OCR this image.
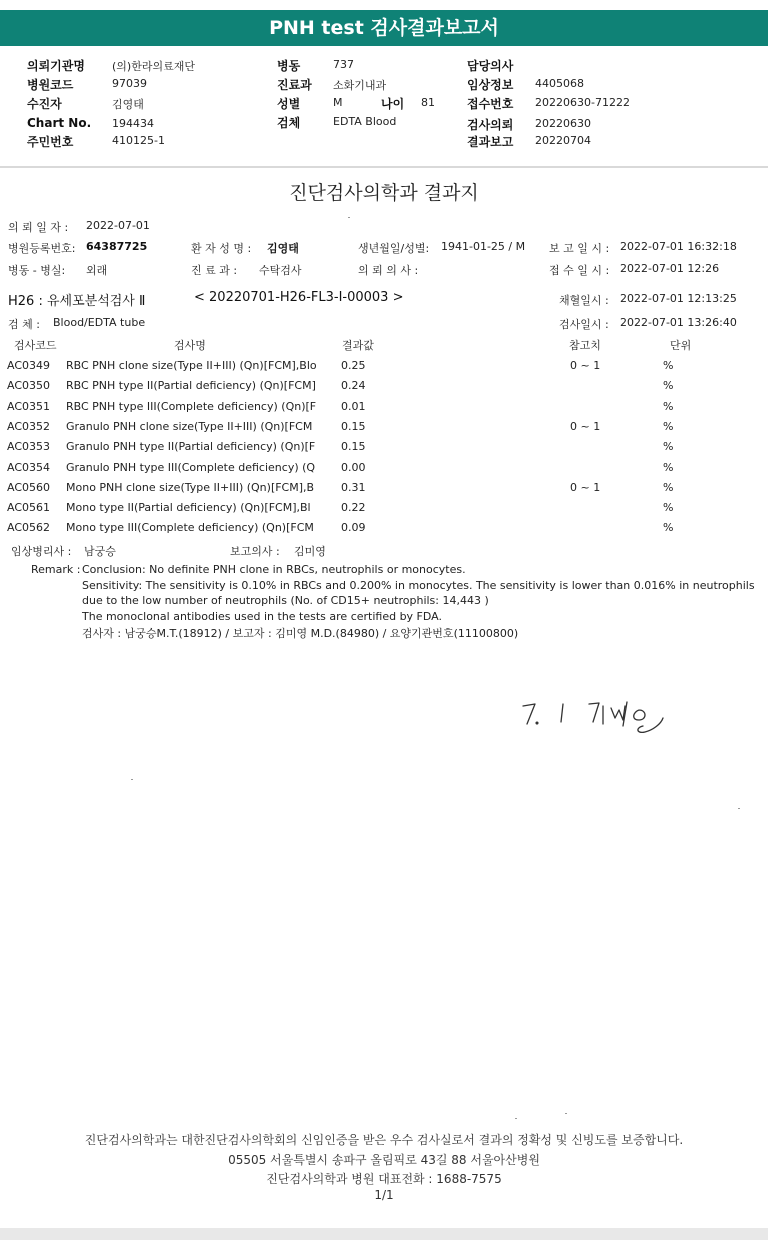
PNH test 검사결과보고서
의뢰기관명 (의)한라의료재단	병동	737	담당의사
병원코드	97039	진료과 소화기내과	임상정보 4405068
수진자	김영태	성별	M	나이 81	접수번호 20220630-71222
Chart No. 194434	검체	EDTA Blood	검사의뢰 20220630
주민번호	410125-1	결과보고 20220704
진단검사의학과 결과지
의 뢰 일 자 : 2022-07-01
병원등록번호: 64387725	환 자 성 명 : 김영태	생년월일/성별: 1941-01-25 / M 보 고 일 시 : 2022-07-01 16:32:18
병동 - 병실: 외래	진 료 과 : 수탁검사	의 뢰 의 사 :	접 수 일 시 : 2022-07-01 12:26
H26 : 유세포분석검사 Ⅱ	< 20220701-H26-FL3-I-00003 >	채혈일시 : 2022-07-01 12:13:25
검 체 : Blood/EDTA tube	검사일시 : 2022-07-01 13:26:40
검사코드	검사명	결과값	참고치	단위
AC0349 RBC PNH clone size(Type II+III) (Qn)[FCM],Blo 0.25	0 ~ 1	%
AC0350 RBC PNH type II(Partial deficiency) (Qn)[FCM] 0.24	%
AC0351 RBC PNH type III(Complete deficiency) (Qn)[F 0.01	%
AC0352 Granulo PNH clone size(Type II+III) (Qn)[FCM	0.15	0 ~ 1	%
AC0353 Granulo PNH type II(Partial deficiency) (Qn)[F 0.15	%
AC0354 Granulo PNH type III(Complete deficiency) (Q 0.00	%
AC0560 Mono PNH clone size(Type II+III) (Qn)[FCM],B 0.31	0 ~ 1	%
AC0561 Mono type II(Partial deficiency) (Qn)[FCM],Bl	0.22	%
AC0562 Mono type III(Complete deficiency) (Qn)[FCM 0.09	%
임상병리사 : 남궁승	보고의사 : 김미영
Remark : Conclusion: No definite PNH clone in RBCs, neutrophils or monocytes.
Sensitivity: The sensitivity is 0.10% in RBCs and 0.200% in monocytes. The sensitivity is lower than 0.016% in neutrophils
due to the low number of neutrophils (No. of CD15+ neutrophils: 14,443 )
The monoclonal antibodies used in the tests are certified by FDA.
검사자 : 남궁승M.T.(18912) / 보고자 : 김미영 M.D.(84980) / 요양기관번호(11100800)
진단검사의학과는 대한진단검사의학회의 신임인증을 받은 우수 검사실로서 결과의 정확성 및 신빙도를 보증합니다.
05505 서울특별시 송파구 올림픽로 43길 88 서울아산병원
진단검사의학과 병원 대표전화 : 1688-7575
1/1
